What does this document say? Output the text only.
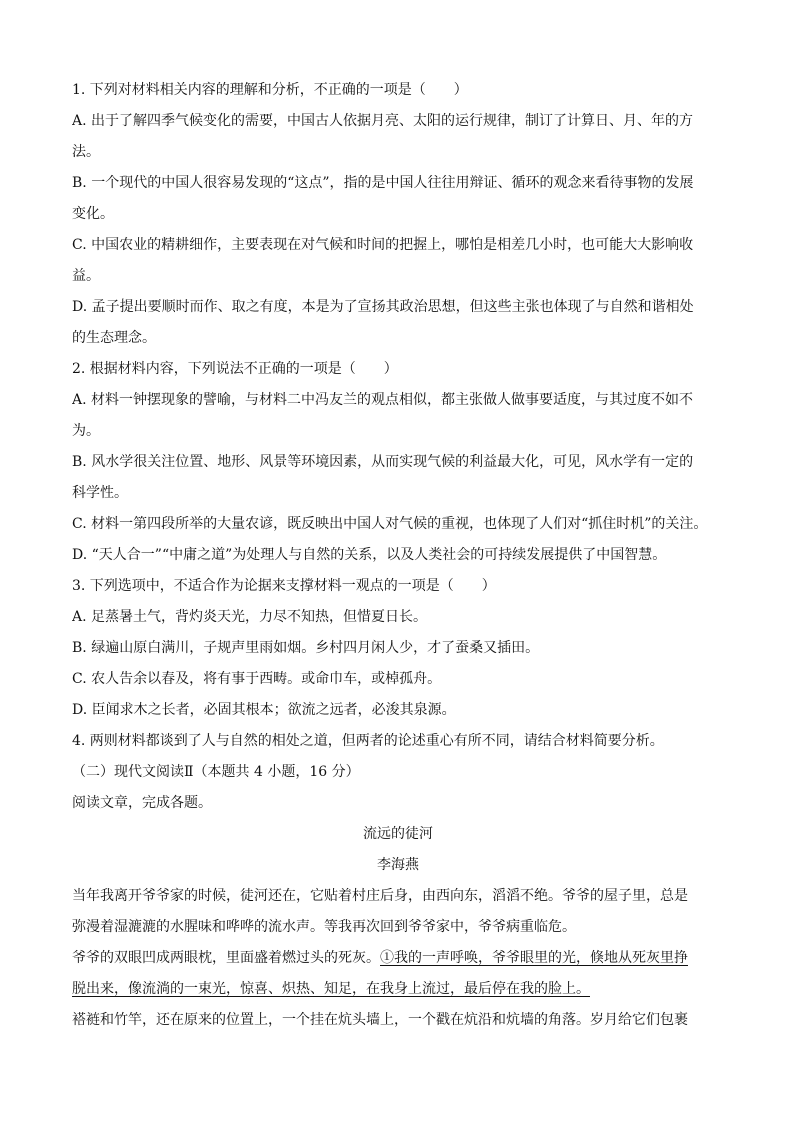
1. 下列对材料相关内容的理解和分析，不正确的一项是（　　）
A. 出于了解四季气候变化的需要，中国古人依据月亮、太阳的运行规律，制订了计算日、月、年的方
法。
B. 一个现代的中国人很容易发现的“这点”，指的是中国人往往用辩证、循环的观念来看待事物的发展
变化。
C. 中国农业的精耕细作，主要表现在对气候和时间的把握上，哪怕是相差几小时，也可能大大影响收
益。
D. 孟子提出要顺时而作、取之有度，本是为了宣扬其政治思想，但这些主张也体现了与自然和谐相处
的生态理念。
2. 根据材料内容，下列说法不正确的一项是（　　）
A. 材料一钟摆现象的譬喻，与材料二中冯友兰的观点相似，都主张做人做事要适度，与其过度不如不
为。
B. 风水学很关注位置、地形、风景等环境因素，从而实现气候的利益最大化，可见，风水学有一定的
科学性。
C. 材料一第四段所举的大量农谚，既反映出中国人对气候的重视，也体现了人们对“抓住时机”的关注。
D. “天人合一”“中庸之道”为处理人与自然的关系，以及人类社会的可持续发展提供了中国智慧。
3. 下列选项中，不适合作为论据来支撑材料一观点的一项是（　　）
A. 足蒸暑土气，背灼炎天光，力尽不知热，但惜夏日长。
B. 绿遍山原白满川，子规声里雨如烟。乡村四月闲人少，才了蚕桑又插田。
C. 农人告余以春及，将有事于西畴。或命巾车，或棹孤舟。
D. 臣闻求木之长者，必固其根本；欲流之远者，必浚其泉源。
4. 两则材料都谈到了人与自然的相处之道，但两者的论述重心有所不同，请结合材料简要分析。
（二）现代文阅读Ⅱ（本题共 4 小题，16 分）
阅读文章，完成各题。
流远的徒河
李海燕
当年我离开爷爷家的时候，徒河还在，它贴着村庄后身，由西向东，滔滔不绝。爷爷的屋子里，总是
弥漫着湿漉漉的水腥味和哗哗的流水声。等我再次回到爷爷家中，爷爷病重临危。
爷爷的双眼凹成两眼枕，里面盛着燃过头的死灰。①我的一声呼唤，爷爷眼里的光，倏地从死灰里挣
脱出来，像流淌的一束光，惊喜、炽热、知足，在我身上流过，最后停在我的脸上。
褡裢和竹竿，还在原来的位置上，一个挂在炕头墙上，一个戳在炕沿和炕墙的角落。岁月给它们包裹
